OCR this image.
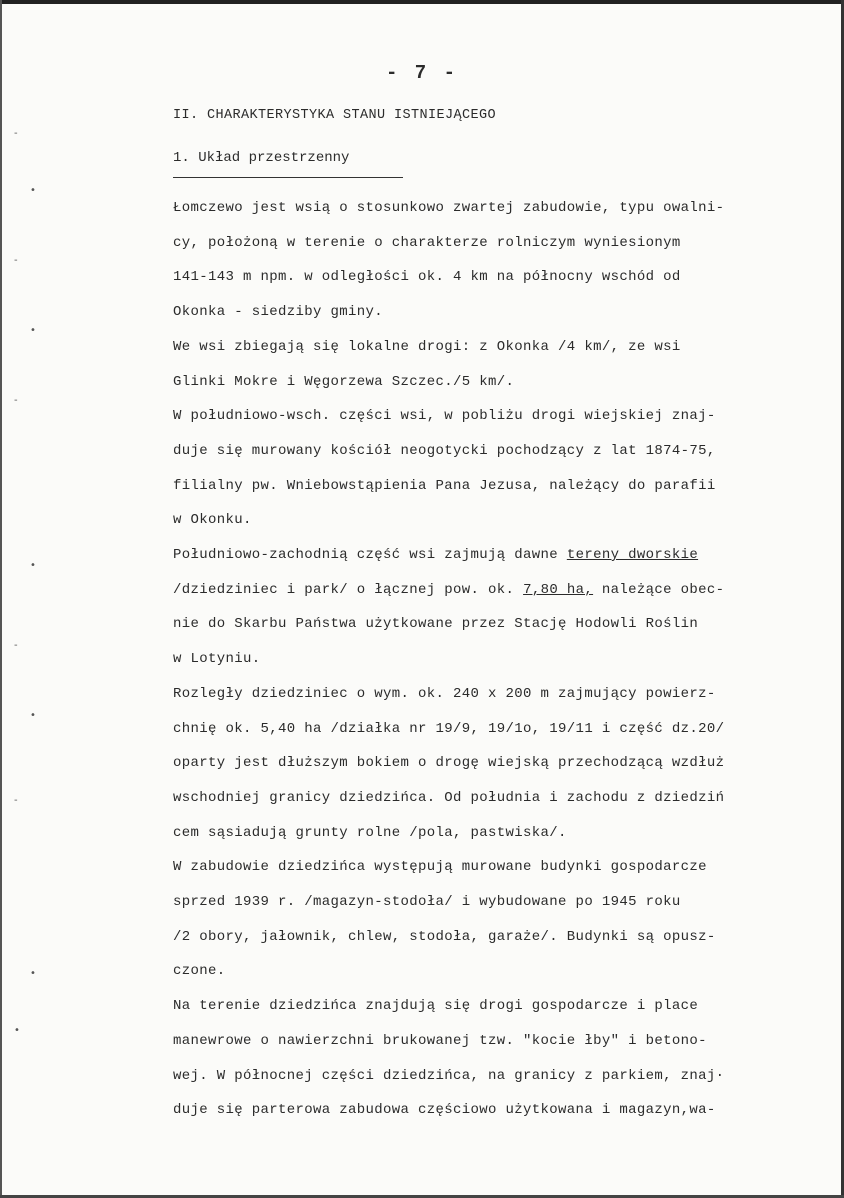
- 7 -
II. CHARAKTERYSTYKA STANU ISTNIEJĄCEGO
1. Układ przestrzenny
Łomczewo jest wsią o stosunkowo zwartej zabudowie, typu owalni-
cy, położoną w terenie o charakterze rolniczym wyniesionym
141-143 m npm. w odległości ok. 4 km na północny wschód od
Okonka - siedziby gminy.
We wsi zbiegają się lokalne drogi: z Okonka /4 km/, ze wsi
Glinki Mokre i Węgorzewa Szczec./5 km/.
W południowo-wsch. części wsi, w pobliżu drogi wiejskiej znaj-
duje się murowany kościół neogotycki pochodzący z lat 1874-75,
filialny pw. Wniebowstąpienia Pana Jezusa, należący do parafii
w Okonku.
Południowo-zachodnią część wsi zajmują dawne tereny dworskie
/dziedziniec i park/ o łącznej pow. ok. 7,80 ha, należące obec-
nie do Skarbu Państwa użytkowane przez Stację Hodowli Roślin
w Lotyniu.
Rozległy dziedziniec o wym. ok. 240 x 200 m zajmujący powierz-
chnię ok. 5,40 ha /działka nr 19/9, 19/1o, 19/11 i część dz.20/
oparty jest dłuższym bokiem o drogę wiejską przechodzącą wzdłuż
wschodniej granicy dziedzińca. Od południa i zachodu z dziedziń
cem sąsiadują grunty rolne /pola, pastwiska/.
W zabudowie dziedzińca występują murowane budynki gospodarcze
sprzed 1939 r. /magazyn-stodoła/ i wybudowane po 1945 roku
/2 obory, jałownik, chlew, stodoła, garaże/. Budynki są opusz-
czone.
Na terenie dziedzińca znajdują się drogi gospodarcze i place
manewrowe o nawierzchni brukowanej tzw. "kocie łby" i betono-
wej. W północnej części dziedzińca, na granicy z parkiem, znaj·
duje się parterowa zabudowa częściowo użytkowana i magazyn,wa-
-
•
-
•
-
•
-
•
-
•
•
